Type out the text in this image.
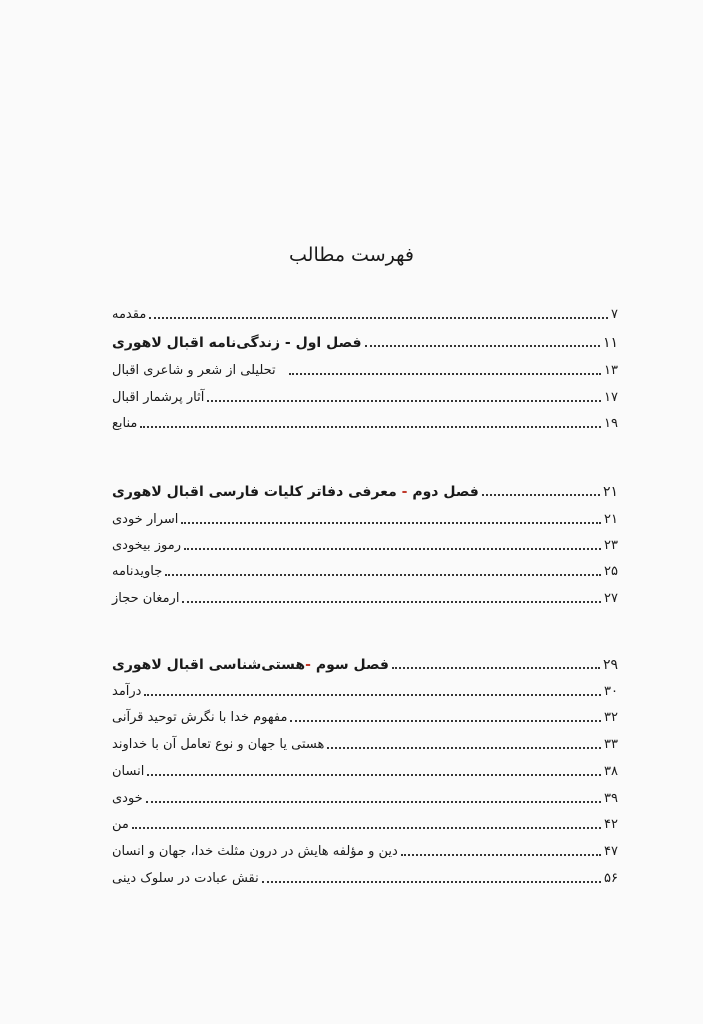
فهرست مطالب
مقدمه	۷
فصل اول - زندگی‌نامه اقبال لاهوری	۱۱
تحلیلی از شعر و شاعری اقبال	۱۳
آثار پرشمار اقبال	۱۷
منابع	۱۹
فصل دوم - معرفی دفاتر کلیات فارسی اقبال لاهوری	۲۱
اسرار خودی	۲۱
رموز بیخودی	۲۳
جاویدنامه	۲۵
ارمغان حجاز	۲۷
فصل سوم -هستی‌شناسی اقبال لاهوری	۲۹
درآمد	۳۰
مفهوم خدا با نگرش توحید قرآنی	۳۲
هستی یا جهان و نوع تعامل آن با خداوند	۳۳
انسان	۳۸
خودی	۳۹
من	۴۲
دین و مؤلفه هایش در درون مثلث خدا، جهان و انسان	۴۷
نقش عبادت در سلوک دینی	۵۶
